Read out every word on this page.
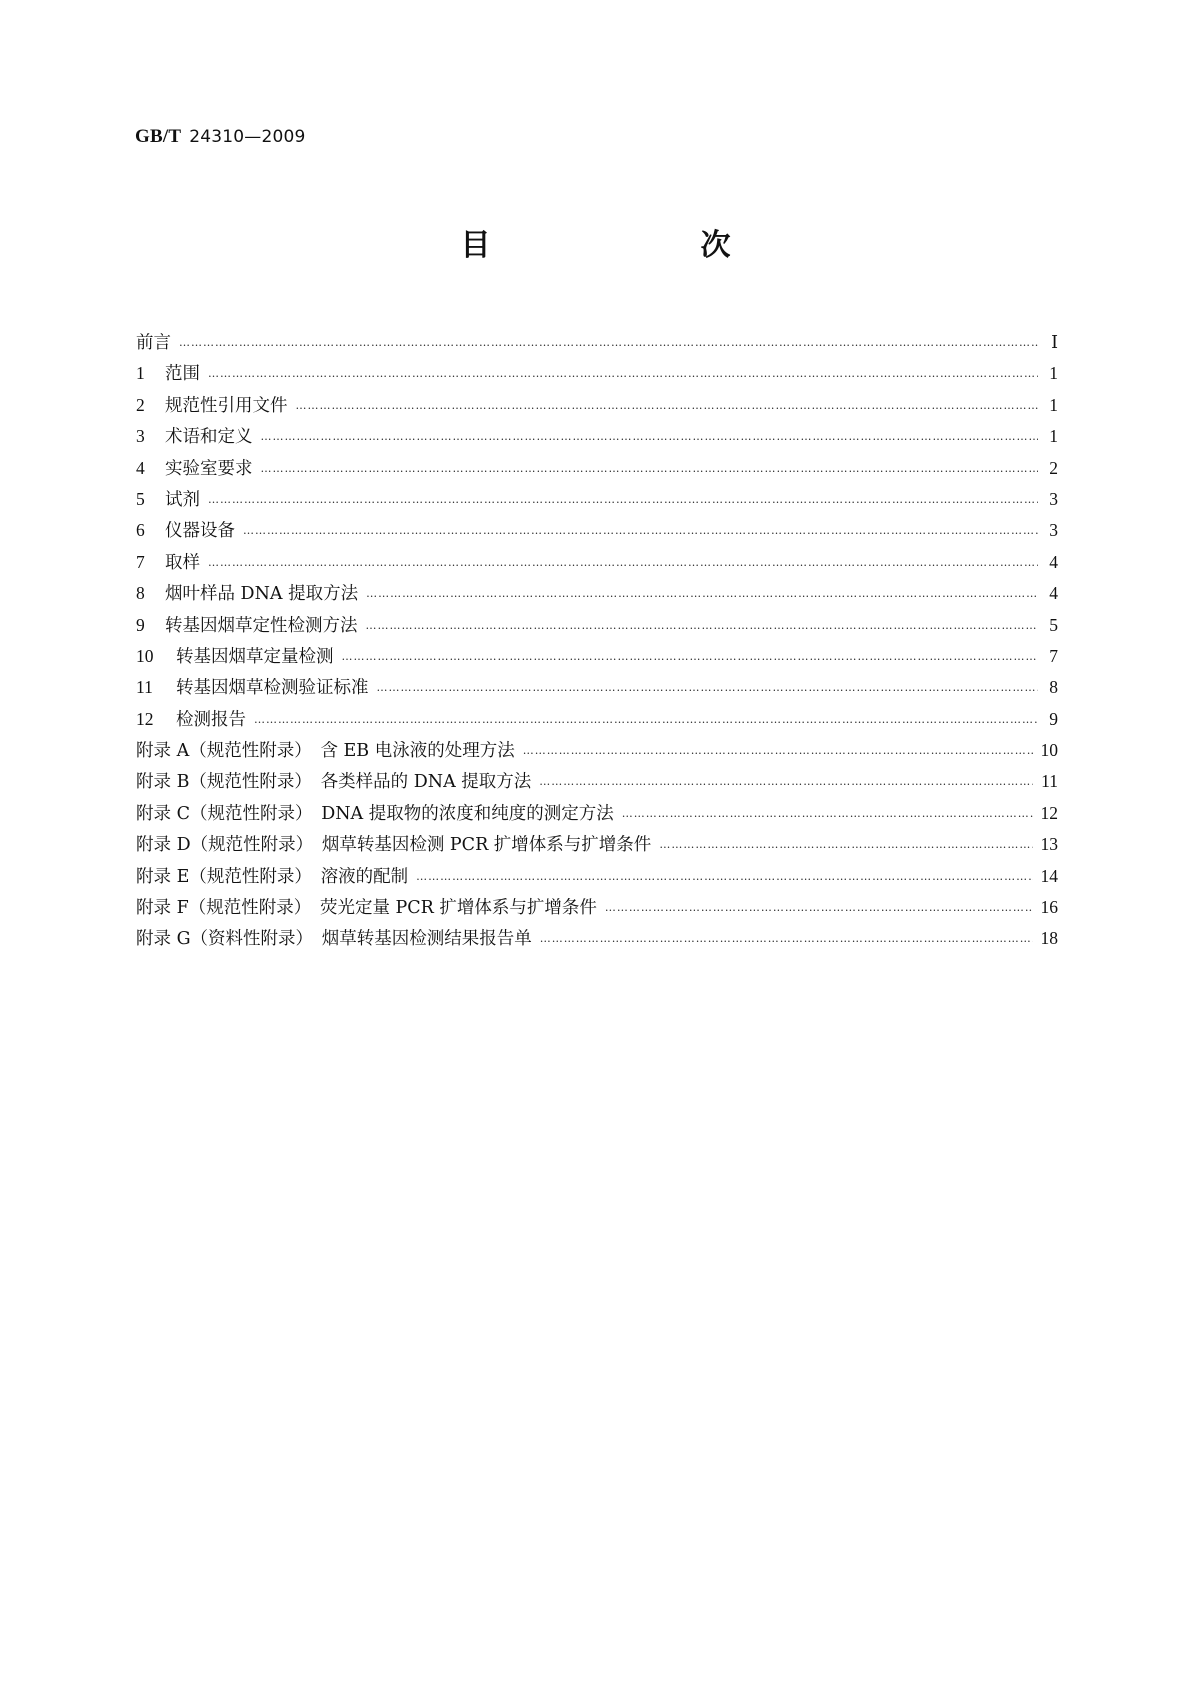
GB/T 24310—2009
目　　次
前言 …………………………………………………………………………………………………………………………………………………………………………………………………………………………………	Ⅰ
1 范围 …………………………………………………………………………………………………………………………………………………………………………………………………………………………………	1
2 规范性引用文件 …………………………………………………………………………………………………………………………………………………………………………………………………………………………………	1
3 术语和定义 …………………………………………………………………………………………………………………………………………………………………………………………………………………………………	1
4 实验室要求 …………………………………………………………………………………………………………………………………………………………………………………………………………………………………	2
5 试剂 …………………………………………………………………………………………………………………………………………………………………………………………………………………………………	3
6 仪器设备 …………………………………………………………………………………………………………………………………………………………………………………………………………………………………	3
7 取样 …………………………………………………………………………………………………………………………………………………………………………………………………………………………………	4
8 烟叶样品 DNA 提取方法 …………………………………………………………………………………………………………………………………………………………………………………………………………………………………	4
9 转基因烟草定性检测方法 …………………………………………………………………………………………………………………………………………………………………………………………………………………………………	5
10 转基因烟草定量检测 …………………………………………………………………………………………………………………………………………………………………………………………………………………………………	7
11 转基因烟草检测验证标准 …………………………………………………………………………………………………………………………………………………………………………………………………………………………………	8
12 检测报告 …………………………………………………………………………………………………………………………………………………………………………………………………………………………………	9
附录 A（规范性附录）　含 EB 电泳液的处理方法 …………………………………………………………………………………………………………………………………………………………………………………………………………………………………	10
附录 B（规范性附录）　各类样品的 DNA 提取方法 …………………………………………………………………………………………………………………………………………………………………………………………………………………………………	11
附录 C（规范性附录）　DNA 提取物的浓度和纯度的测定方法 …………………………………………………………………………………………………………………………………………………………………………………………………………………………………	12
附录 D（规范性附录）　烟草转基因检测 PCR 扩增体系与扩增条件 …………………………………………………………………………………………………………………………………………………………………………………………………………………………………	13
附录 E（规范性附录）　溶液的配制 …………………………………………………………………………………………………………………………………………………………………………………………………………………………………	14
附录 F（规范性附录）　荧光定量 PCR 扩增体系与扩增条件 …………………………………………………………………………………………………………………………………………………………………………………………………………………………………	16
附录 G（资料性附录）　烟草转基因检测结果报告单 …………………………………………………………………………………………………………………………………………………………………………………………………………………………………	18
